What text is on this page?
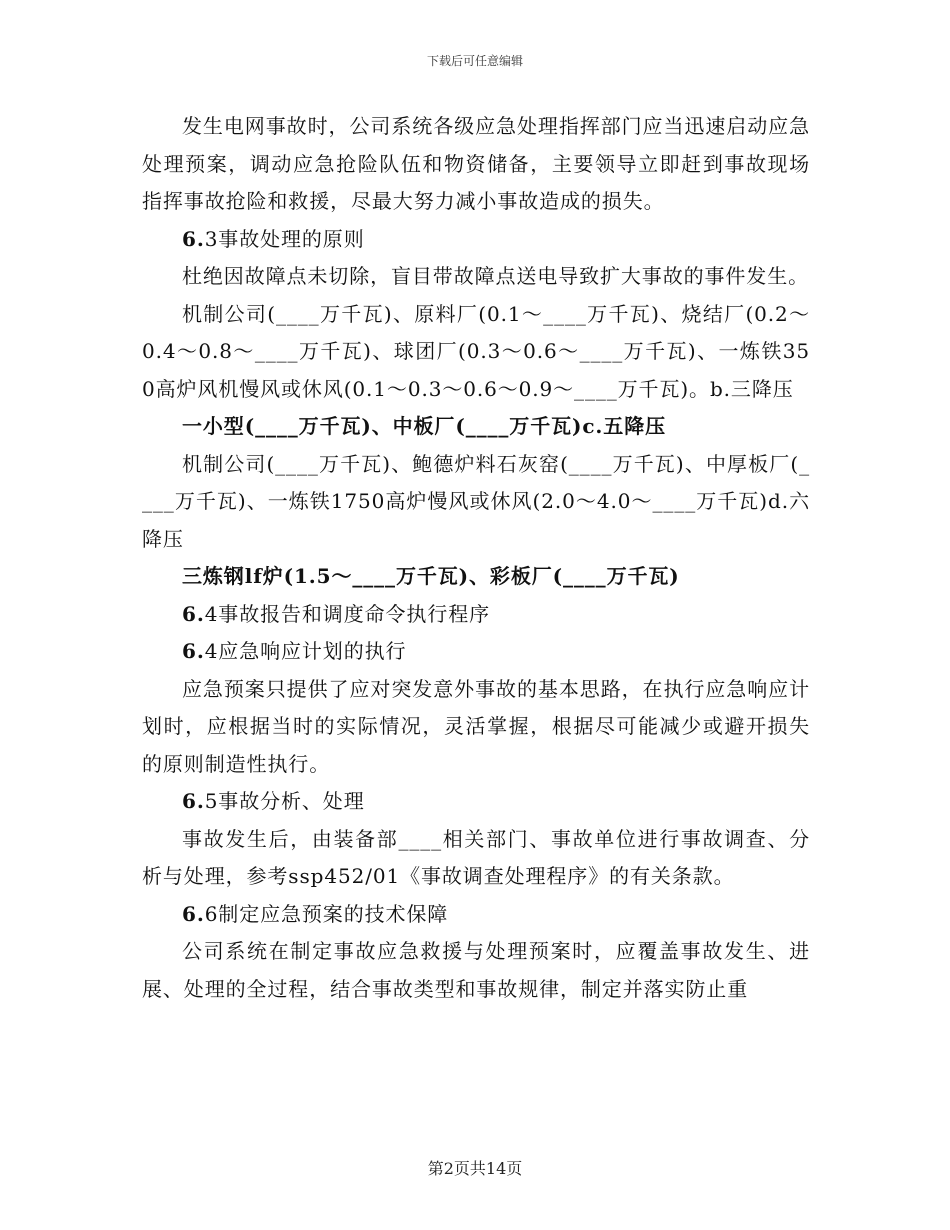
下载后可任意编辑

发生电网事故时，公司系统各级应急处理指挥部门应当迅速启动应急处理预案，调动应急抢险队伍和物资储备，主要领导立即赶到事故现场指挥事故抢险和救援，尽最大努力减小事故造成的损失。

6.3事故处理的原则

杜绝因故障点未切除，盲目带故障点送电导致扩大事故的事件发生。

机制公司(____万千瓦)、原料厂(0.1～____万千瓦)、烧结厂(0.2～0.4～0.8～____万千瓦)、球团厂(0.3～0.6～____万千瓦)、一炼铁350高炉风机慢风或休风(0.1～0.3～0.6～0.9～____万千瓦)。b.三降压

一小型(____万千瓦)、中板厂(____万千瓦)c.五降压

机制公司(____万千瓦)、鲍德炉料石灰窑(____万千瓦)、中厚板厂(____万千瓦)、一炼铁1750高炉慢风或休风(2.0～4.0～____万千瓦)d.六降压

三炼钢lf炉(1.5～____万千瓦)、彩板厂(____万千瓦)

6.4事故报告和调度命令执行程序

6.4应急响应计划的执行

应急预案只提供了应对突发意外事故的基本思路，在执行应急响应计划时，应根据当时的实际情况，灵活掌握，根据尽可能减少或避开损失的原则制造性执行。

6.5事故分析、处理

事故发生后，由装备部____相关部门、事故单位进行事故调查、分析与处理，参考ssp452/01《事故调查处理程序》的有关条款。

6.6制定应急预案的技术保障

公司系统在制定事故应急救援与处理预案时，应覆盖事故发生、进展、处理的全过程，结合事故类型和事故规律，制定并落实防止重

第2页共14页
